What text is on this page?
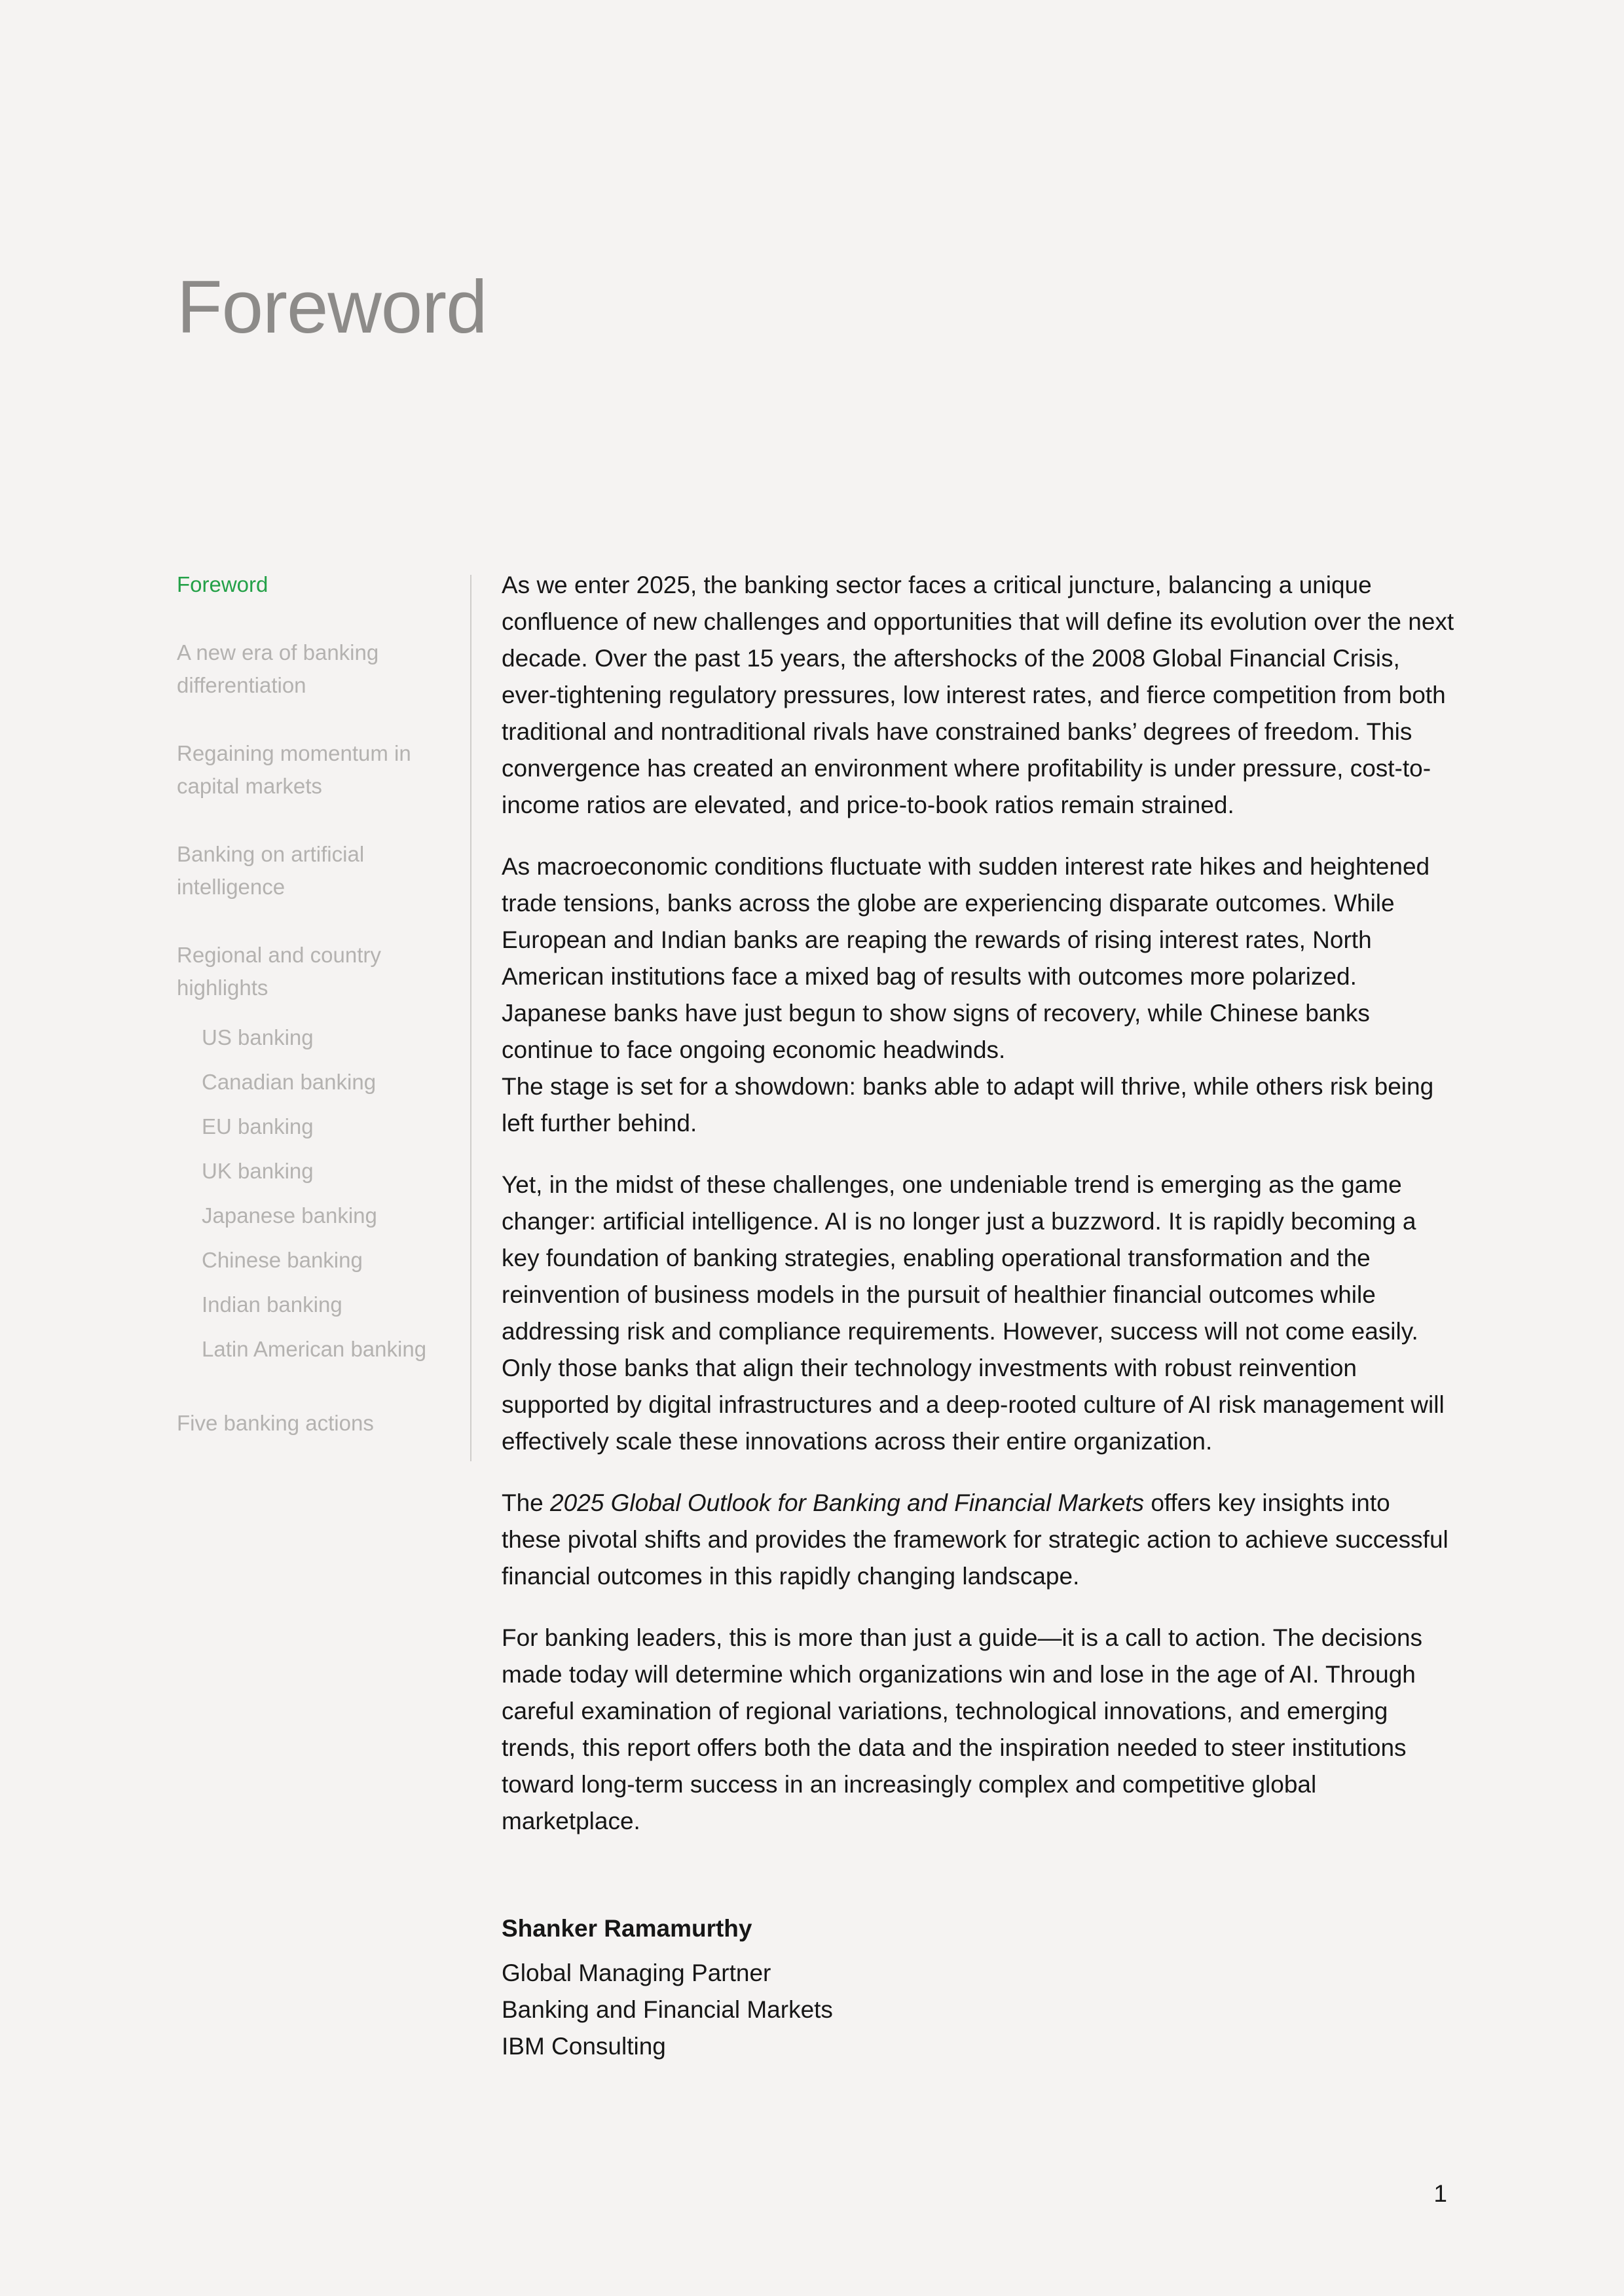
Foreword
Foreword
A new era of banking differentiation
Regaining momentum in capital markets
Banking on artificial intelligence
Regional and country highlights
US banking
Canadian banking
EU banking
UK banking
Japanese banking
Chinese banking
Indian banking
Latin American banking
Five banking actions

As we enter 2025, the banking sector faces a critical juncture, balancing a unique confluence of new challenges and opportunities that will define its evolution over the next decade. Over the past 15 years, the aftershocks of the 2008 Global Financial Crisis, ever-tightening regulatory pressures, low interest rates, and fierce competition from both traditional and nontraditional rivals have constrained banks’ degrees of freedom. This convergence has created an environment where profitability is under pressure, cost-to-income ratios are elevated, and price-to-book ratios remain strained.

As macroeconomic conditions fluctuate with sudden interest rate hikes and heightened trade tensions, banks across the globe are experiencing disparate outcomes. While European and Indian banks are reaping the rewards of rising interest rates, North American institutions face a mixed bag of results with outcomes more polarized. Japanese banks have just begun to show signs of recovery, while Chinese banks continue to face ongoing economic headwinds.
The stage is set for a showdown: banks able to adapt will thrive, while others risk being left further behind.

Yet, in the midst of these challenges, one undeniable trend is emerging as the game changer: artificial intelligence. AI is no longer just a buzzword. It is rapidly becoming a key foundation of banking strategies, enabling operational transformation and the reinvention of business models in the pursuit of healthier financial outcomes while addressing risk and compliance requirements. However, success will not come easily. Only those banks that align their technology investments with robust reinvention supported by digital infrastructures and a deep-rooted culture of AI risk management will effectively scale these innovations across their entire organization.

The 2025 Global Outlook for Banking and Financial Markets offers key insights into these pivotal shifts and provides the framework for strategic action to achieve successful financial outcomes in this rapidly changing landscape.

For banking leaders, this is more than just a guide—it is a call to action. The decisions made today will determine which organizations win and lose in the age of AI. Through careful examination of regional variations, technological innovations, and emerging trends, this report offers both the data and the inspiration needed to steer institutions toward long-term success in an increasingly complex and competitive global marketplace.

Shanker Ramamurthy
Global Managing Partner
Banking and Financial Markets
IBM Consulting
1
